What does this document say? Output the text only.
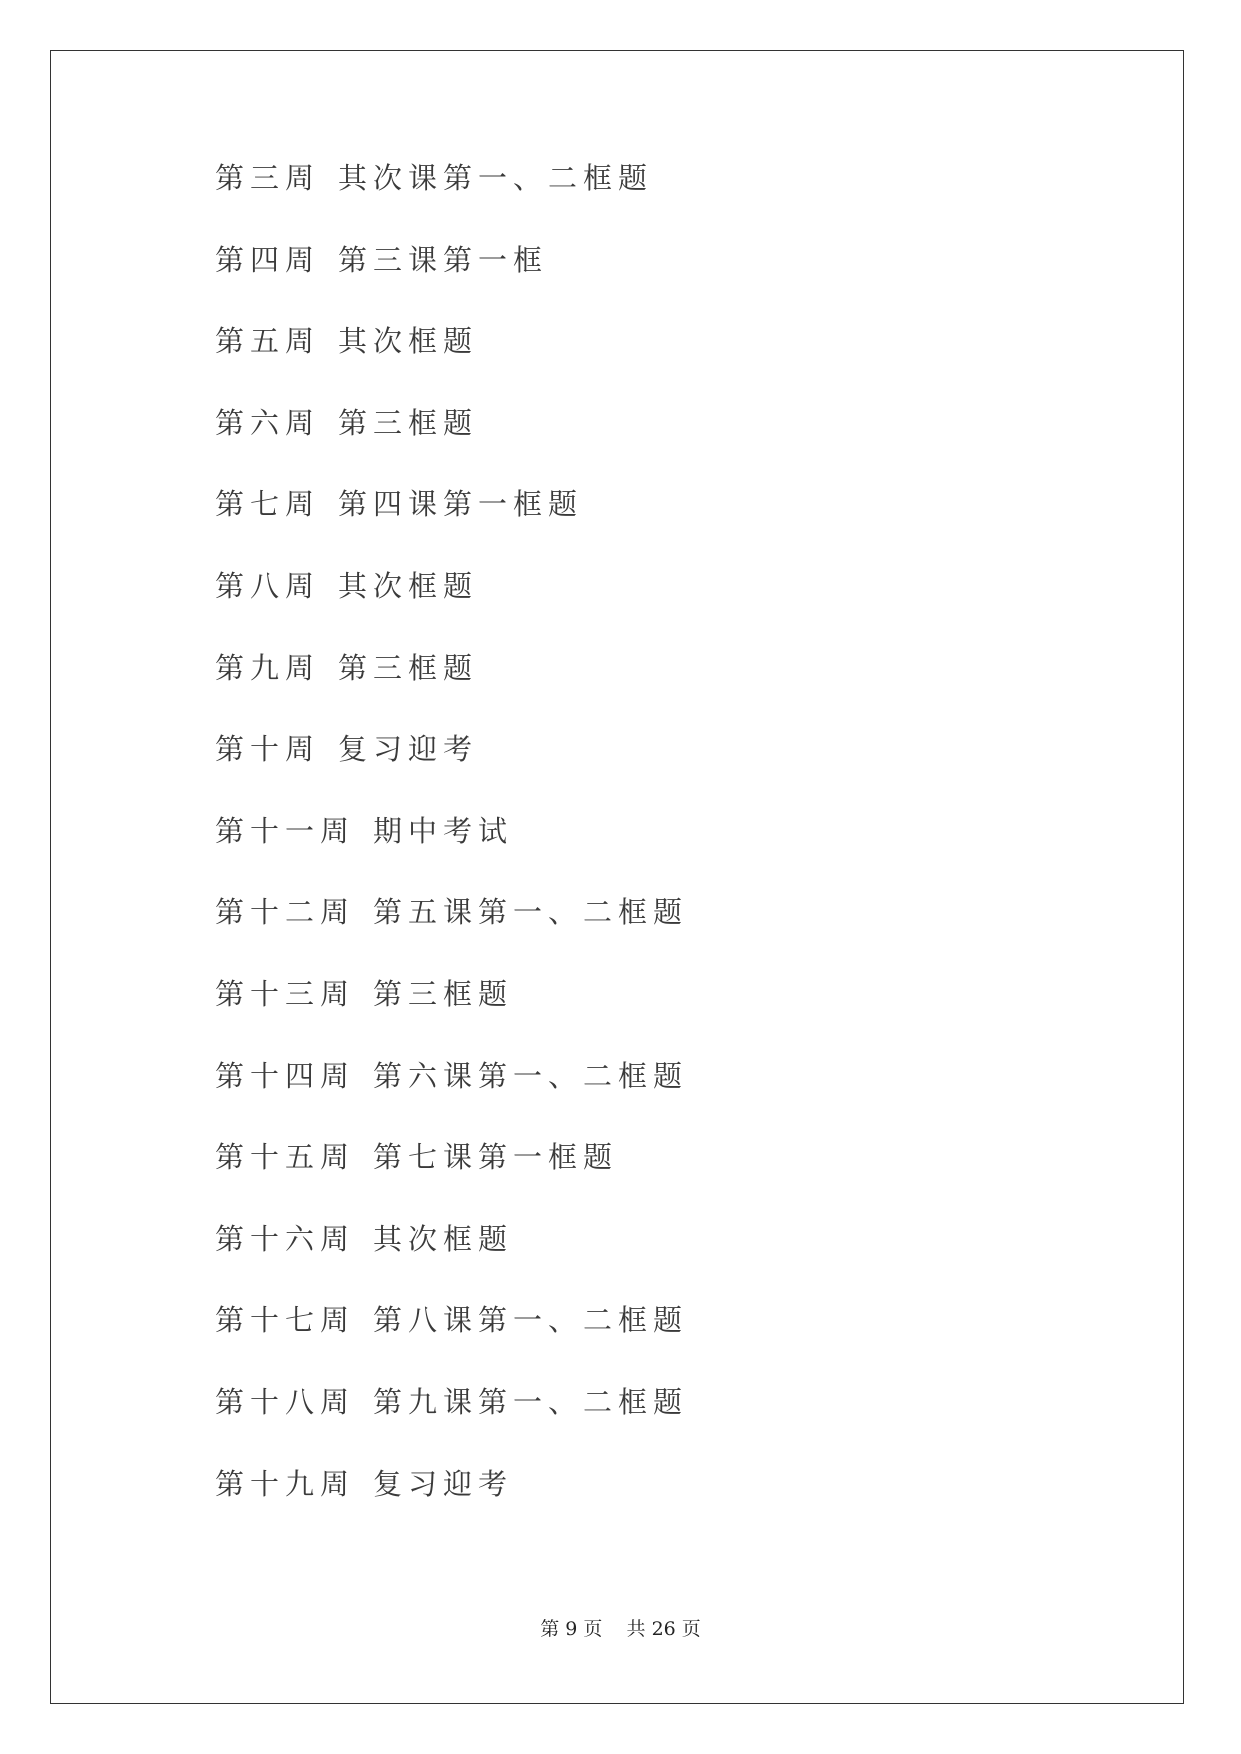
第三周 其次课第一、二框题
第四周 第三课第一框
第五周 其次框题
第六周 第三框题
第七周 第四课第一框题
第八周 其次框题
第九周 第三框题
第十周 复习迎考
第十一周 期中考试
第十二周 第五课第一、二框题
第十三周 第三框题
第十四周 第六课第一、二框题
第十五周 第七课第一框题
第十六周 其次框题
第十七周 第八课第一、二框题
第十八周 第九课第一、二框题
第十九周 复习迎考
第 9 页 共 26 页
